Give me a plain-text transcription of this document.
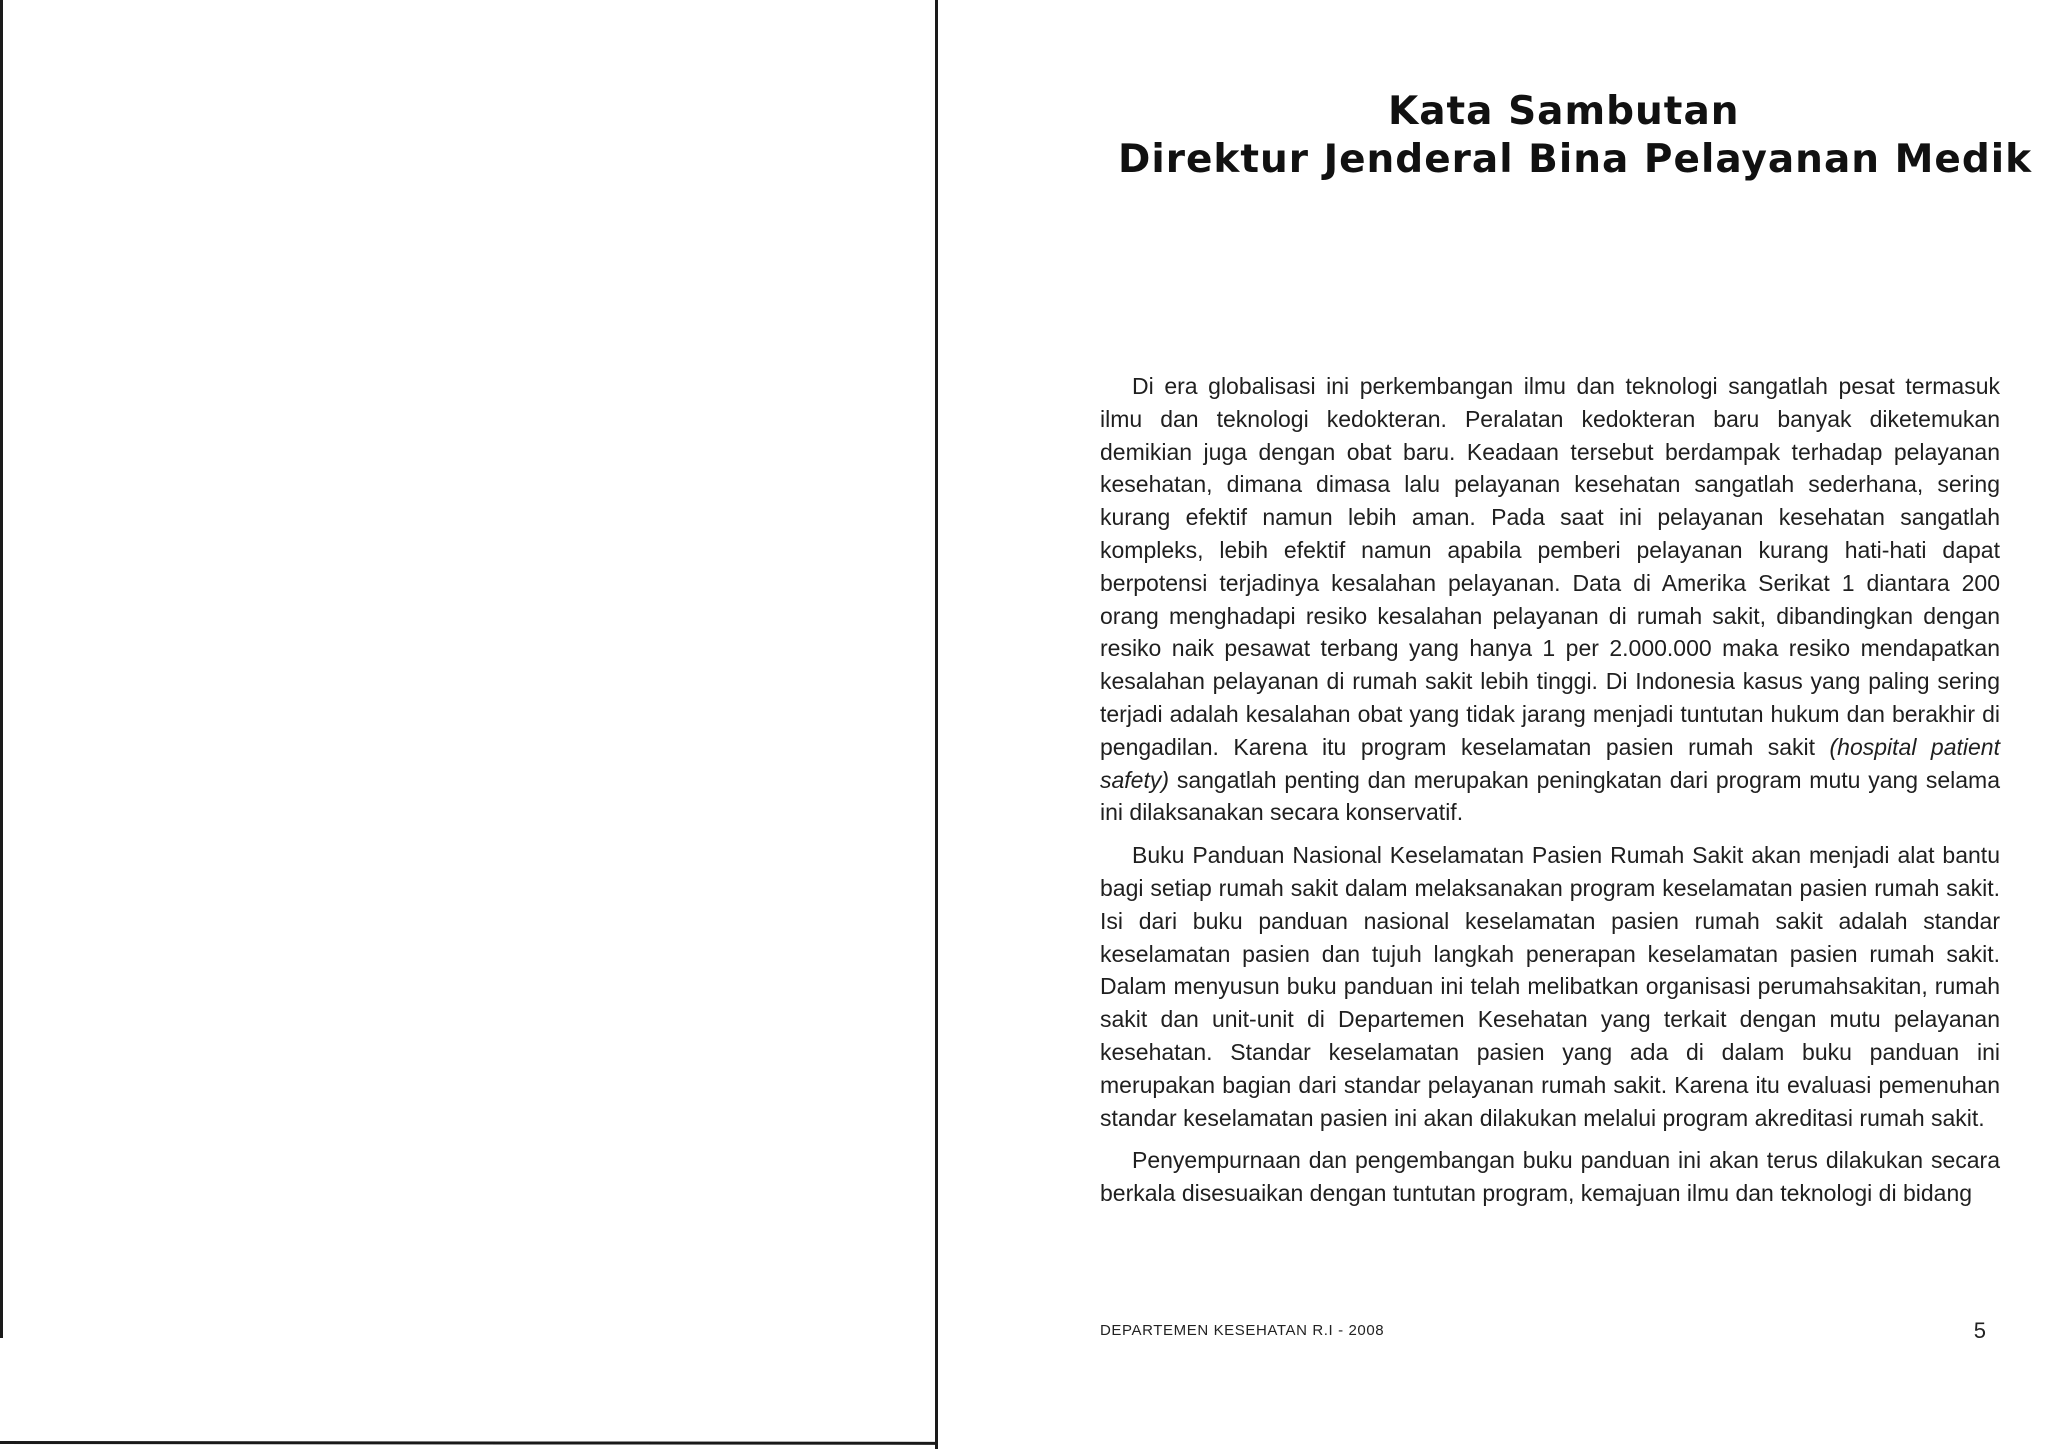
Kata Sambutan
Direktur Jenderal Bina Pelayanan Medik

Di era globalisasi ini perkembangan ilmu dan teknologi sangatlah pesat termasuk ilmu dan teknologi kedokteran. Peralatan kedokteran baru banyak diketemukan demikian juga dengan obat baru. Keadaan tersebut berdampak terhadap pelayanan kesehatan, dimana dimasa lalu pelayanan kesehatan sangatlah sederhana, sering kurang efektif namun lebih aman. Pada saat ini pelayanan kesehatan sangatlah kompleks, lebih efektif namun apabila pemberi pelayanan kurang hati-hati dapat berpotensi terjadinya kesalahan pelayanan. Data di Amerika Serikat 1 diantara 200 orang menghadapi resiko kesalahan pelayanan di rumah sakit, dibandingkan dengan resiko naik pesawat terbang yang hanya 1 per 2.000.000 maka resiko mendapatkan kesalahan pelayanan di rumah sakit lebih tinggi. Di Indonesia kasus yang paling sering terjadi adalah kesalahan obat yang tidak jarang menjadi tuntutan hukum dan berakhir di pengadilan. Karena itu program keselamatan pasien rumah sakit (hospital patient safety) sangatlah penting dan merupakan peningkatan dari program mutu yang selama ini dilaksanakan secara konservatif.

Buku Panduan Nasional Keselamatan Pasien Rumah Sakit akan menjadi alat bantu bagi setiap rumah sakit dalam melaksanakan program keselamatan pasien rumah sakit. Isi dari buku panduan nasional keselamatan pasien rumah sakit adalah standar keselamatan pasien dan tujuh langkah penerapan keselamatan pasien rumah sakit. Dalam menyusun buku panduan ini telah melibatkan organisasi perumahsakitan, rumah sakit dan unit-unit di Departemen Kesehatan yang terkait dengan mutu pelayanan kesehatan. Standar keselamatan pasien yang ada di dalam buku panduan ini merupakan bagian dari standar pelayanan rumah sakit. Karena itu evaluasi pemenuhan standar keselamatan pasien ini akan dilakukan melalui program akreditasi rumah sakit.

Penyempurnaan dan pengembangan buku panduan ini akan terus dilakukan secara berkala disesuaikan dengan tuntutan program, kemajuan ilmu dan teknologi di bidang

DEPARTEMEN KESEHATAN R.I - 2008	5
